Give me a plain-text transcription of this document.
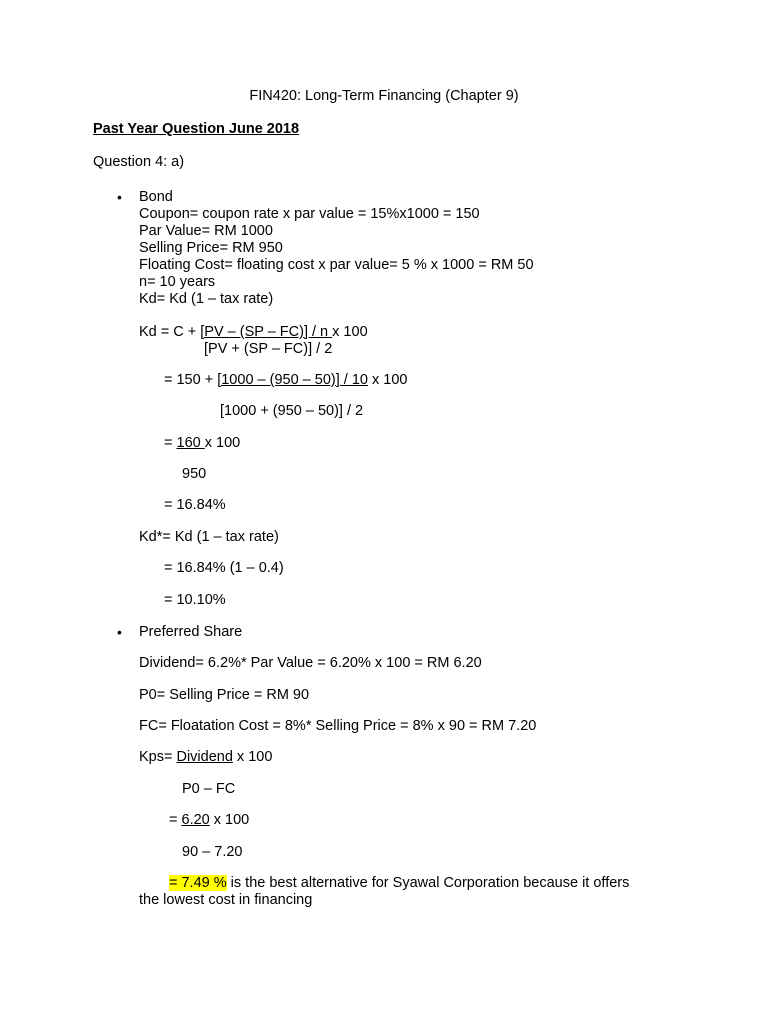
FIN420: Long-Term Financing (Chapter 9)
Past Year Question June 2018
Question 4: a)
• Bond
Coupon= coupon rate x par value = 15%x1000 = 150
Par Value= RM 1000
Selling Price= RM 950
Floating Cost= floating cost x par value= 5 % x 1000 = RM 50
n= 10 years
Kd= Kd (1 – tax rate)
Kd = C + [PV – (SP – FC)] / n x 100
[PV + (SP – FC)] / 2
= 150 + [1000 – (950 – 50)] / 10 x 100
[1000 + (950 – 50)] / 2
= 160 x 100
950
= 16.84%
Kd*= Kd (1 – tax rate)
= 16.84% (1 – 0.4)
= 10.10%
• Preferred Share
Dividend= 6.2%* Par Value = 6.20% x 100 = RM 6.20
P0= Selling Price = RM 90
FC= Floatation Cost = 8%* Selling Price = 8% x 90 = RM 7.20
Kps= Dividend x 100
P0 – FC
= 6.20 x 100
90 – 7.20
= 7.49 % is the best alternative for Syawal Corporation because it offers
the lowest cost in financing
